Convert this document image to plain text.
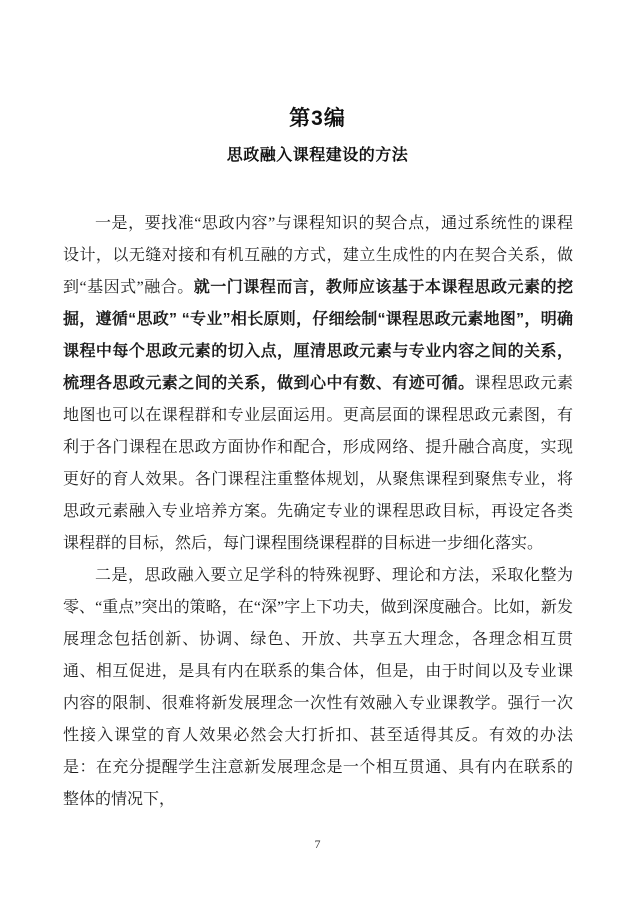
第3编
思政融入课程建设的方法

一是，要找准“思政内容”与课程知识的契合点，通过系统性的课程设计，以无缝对接和有机互融的方式，建立生成性的内在契合关系，做到“基因式”融合。就一门课程而言，教师应该基于本课程思政元素的挖掘，遵循“思政” “专业”相长原则，仔细绘制“课程思政元素地图”，明确课程中每个思政元素的切入点，厘清思政元素与专业内容之间的关系，梳理各思政元素之间的关系，做到心中有数、有迹可循。课程思政元素地图也可以在课程群和专业层面运用。更高层面的课程思政元素图，有利于各门课程在思政方面协作和配合，形成网络、提升融合高度，实现更好的育人效果。各门课程注重整体规划，从聚焦课程到聚焦专业，将思政元素融入专业培养方案。先确定专业的课程思政目标，再设定各类课程群的目标，然后，每门课程围绕课程群的目标进一步细化落实。

二是，思政融入要立足学科的特殊视野、理论和方法，采取化整为零、“重点”突出的策略，在“深”字上下功夫，做到深度融合。比如，新发展理念包括创新、协调、绿色、开放、共享五大理念，各理念相互贯通、相互促进，是具有内在联系的集合体，但是，由于时间以及专业课内容的限制、很难将新发展理念一次性有效融入专业课教学。强行一次性接入课堂的育人效果必然会大打折扣、甚至适得其反。有效的办法是：在充分提醒学生注意新发展理念是一个相互贯通、具有内在联系的整体的情况下，

7
